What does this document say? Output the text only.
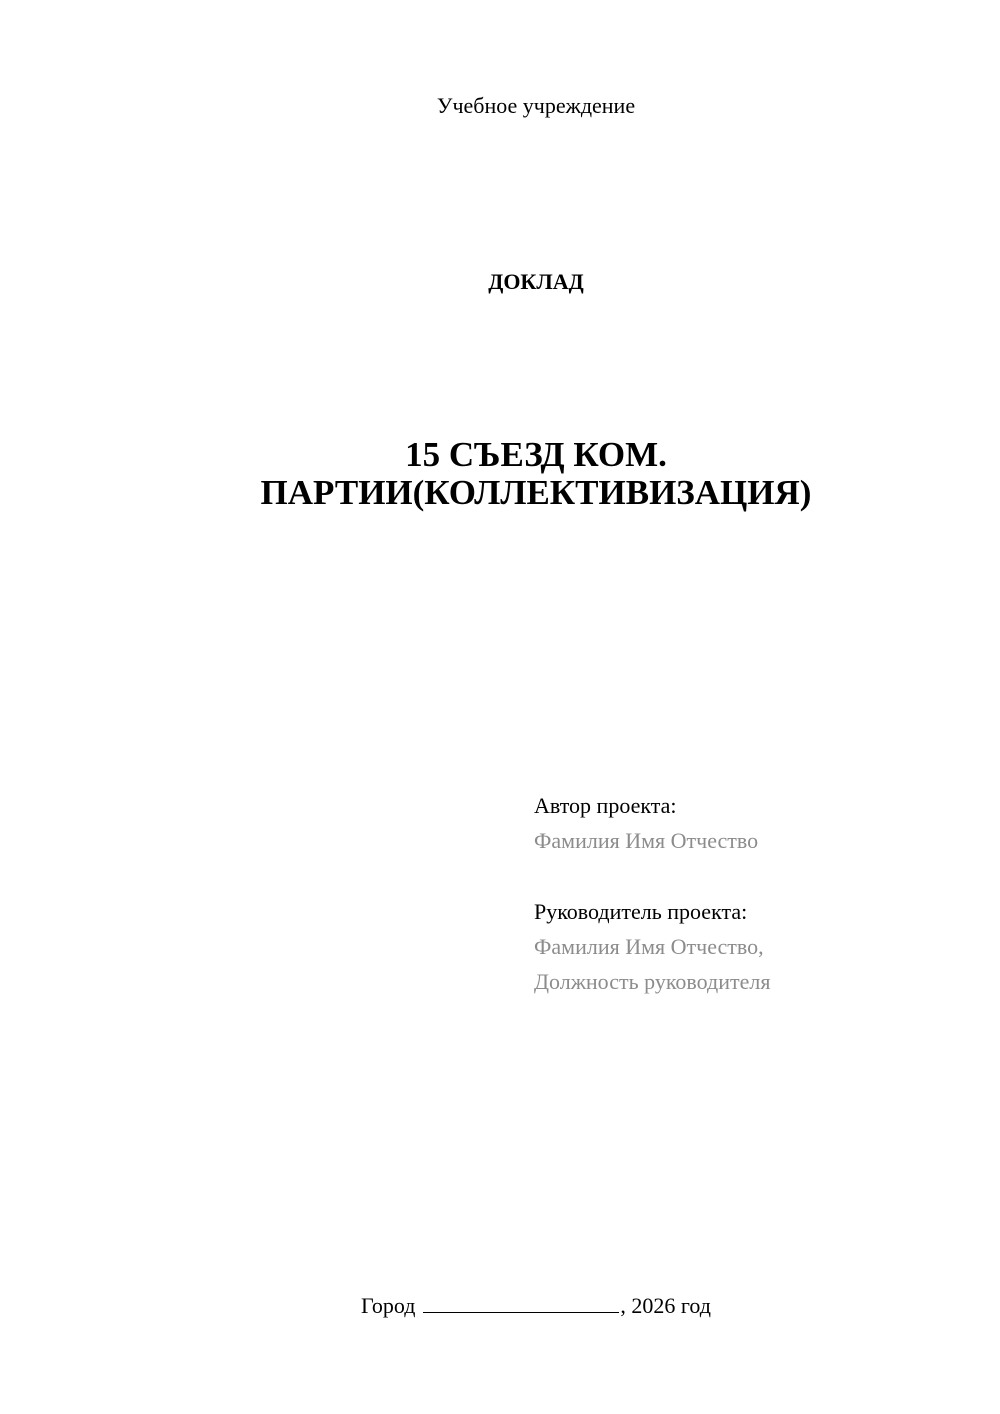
Учебное учреждение
ДОКЛАД
15 СЪЕЗД КОМ.
ПАРТИИ(КОЛЛЕКТИВИЗАЦИЯ)
Автор проекта:
Фамилия Имя Отчество
Руководитель проекта:
Фамилия Имя Отчество,
Должность руководителя
Город	, 2026 год
